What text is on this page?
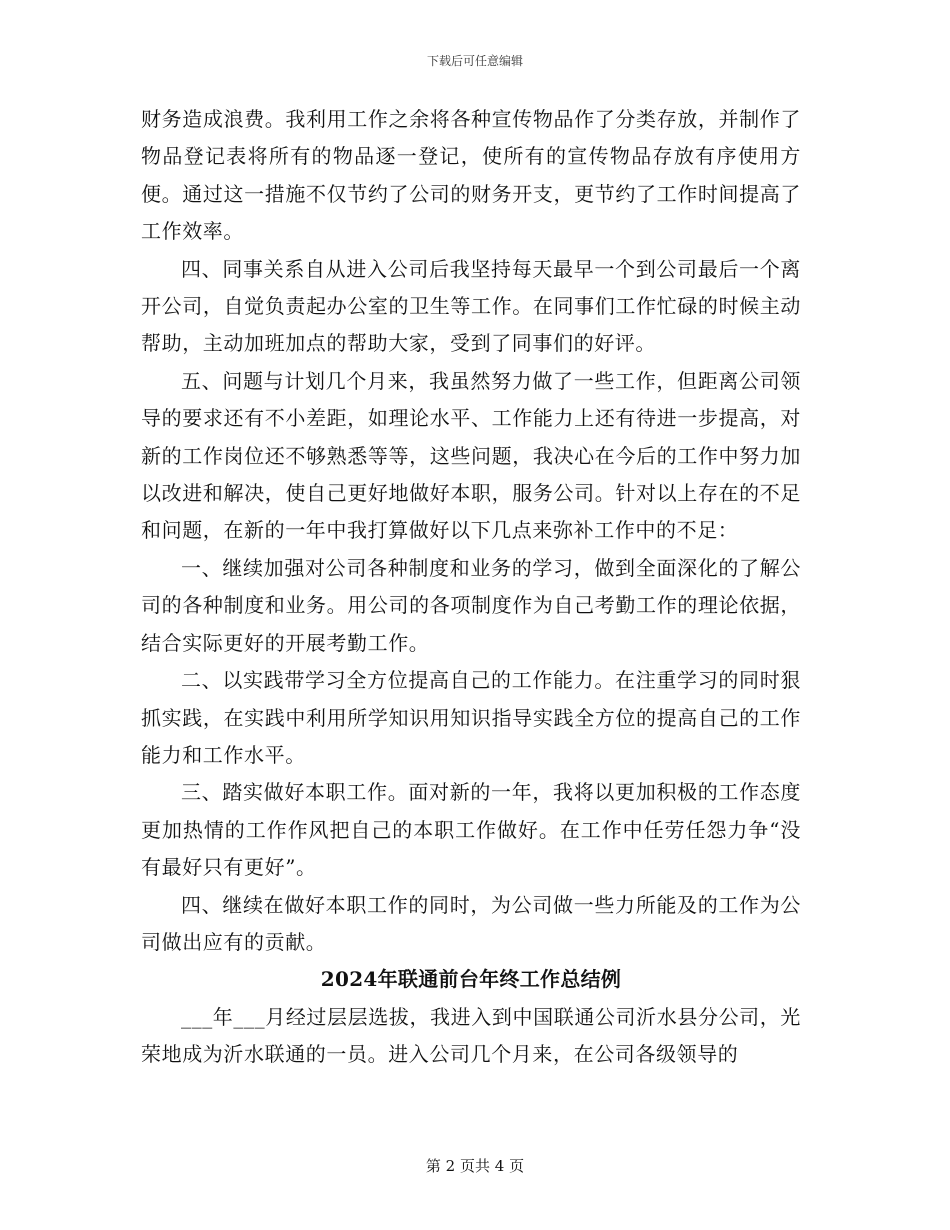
下载后可任意编辑

财务造成浪费。我利用工作之余将各种宣传物品作了分类存放，并制作了物品登记表将所有的物品逐一登记，使所有的宣传物品存放有序使用方便。通过这一措施不仅节约了公司的财务开支，更节约了工作时间提高了工作效率。

四、同事关系自从进入公司后我坚持每天最早一个到公司最后一个离开公司，自觉负责起办公室的卫生等工作。在同事们工作忙碌的时候主动帮助，主动加班加点的帮助大家，受到了同事们的好评。

五、问题与计划几个月来，我虽然努力做了一些工作，但距离公司领导的要求还有不小差距，如理论水平、工作能力上还有待进一步提高，对新的工作岗位还不够熟悉等等，这些问题，我决心在今后的工作中努力加以改进和解决，使自己更好地做好本职，服务公司。针对以上存在的不足和问题，在新的一年中我打算做好以下几点来弥补工作中的不足：

一、继续加强对公司各种制度和业务的学习，做到全面深化的了解公司的各种制度和业务。用公司的各项制度作为自己考勤工作的理论依据，结合实际更好的开展考勤工作。

二、以实践带学习全方位提高自己的工作能力。在注重学习的同时狠抓实践，在实践中利用所学知识用知识指导实践全方位的提高自己的工作能力和工作水平。

三、踏实做好本职工作。面对新的一年，我将以更加积极的工作态度更加热情的工作作风把自己的本职工作做好。在工作中任劳任怨力争“没有最好只有更好”。

四、继续在做好本职工作的同时，为公司做一些力所能及的工作为公司做出应有的贡献。

2024年联通前台年终工作总结例

___年___月经过层层选拔，我进入到中国联通公司沂水县分公司，光荣地成为沂水联通的一员。进入公司几个月来，在公司各级领导的

第 2 页共 4 页
